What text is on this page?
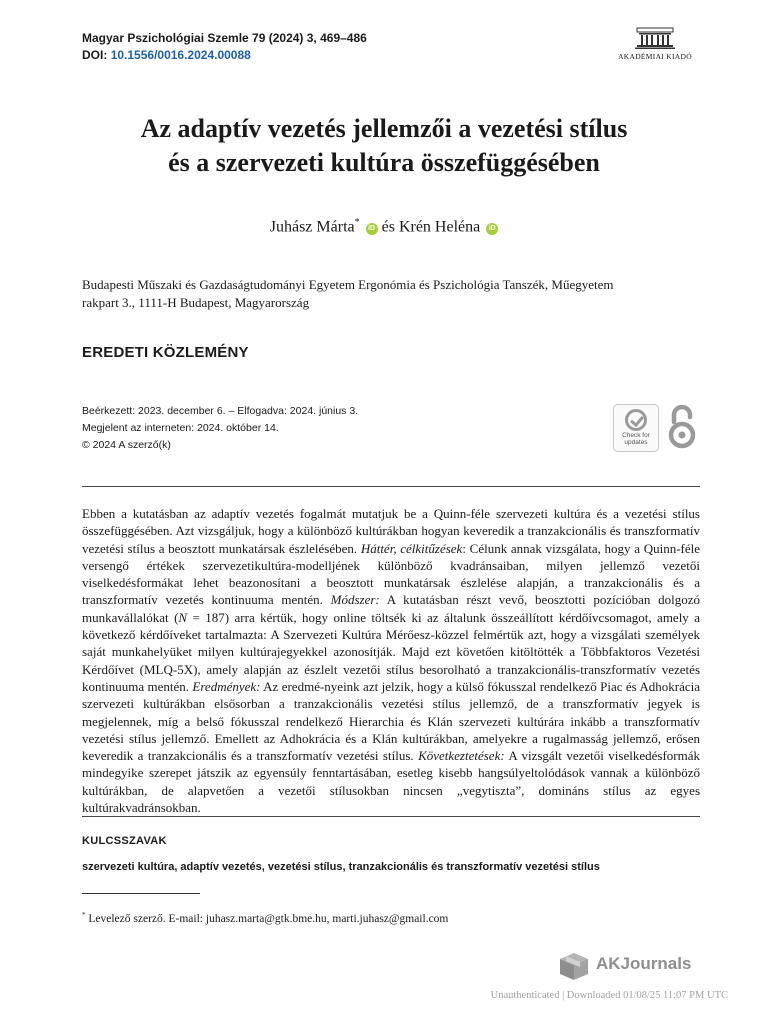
Magyar Pszichológiai Szemle 79 (2024) 3, 469–486
DOI: 10.1556/0016.2024.00088	AKADÉMIAI KIADÓ
Az adaptív vezetés jellemzői a vezetési stílus
és a szervezeti kultúra összefüggésében
Juhász Márta* iD és Krén Heléna iD
Budapesti Műszaki és Gazdaságtudományi Egyetem Ergonómia és Pszichológia Tanszék, Műegyetem
rakpart 3., 1111-H Budapest, Magyarország
EREDETI KÖZLEMÉNY
Beérkezett: 2023. december 6. – Elfogadva: 2024. június 3.
Megjelent az interneten: 2024. október 14.
© 2024 A szerző(k)
Check for
updates
Ebben a kutatásban az adaptív vezetés fogalmát mutatjuk be a Quinn-féle szervezeti kultúra és a vezetési stílus összefüggésében. Azt vizsgáljuk, hogy a különböző kultúrákban hogyan keveredik a tranzakcionális és transzformatív vezetési stílus a beosztott munkatársak észlelésében. Háttér, célkitűzések: Célunk annak vizsgálata, hogy a Quinn-féle versengő értékek szervezetikultúra-modelljének különböző kvadránsaiban, milyen jellemző vezetői viselkedésformákat lehet beazonosítani a beosztott munkatársak észlelése alapján, a tranzakcionális és a transzformatív vezetés kontinuuma mentén. Módszer: A kutatásban részt vevő, beosztotti pozícióban dolgozó munkavállalókat (N = 187) arra kértük, hogy online töltsék ki az általunk összeállított kérdőívcsomagot, amely a következő kérdőíveket tartalmazta: A Szervezeti Kultúra Mérőesz-közzel felmértük azt, hogy a vizsgálati személyek saját munkahelyüket milyen kultúrajegyekkel azonosítják. Majd ezt követően kitöltötték a Többfaktoros Vezetési Kérdőívet (MLQ-5X), amely alapján az észlelt vezetői stílus besorolható a tranzakcionális-transzformatív vezetés kontinuuma mentén. Eredmények: Az eredmé-nyeink azt jelzik, hogy a külső fókusszal rendelkező Piac és Adhokrácia szervezeti kultúrákban elsősorban a tranzakcionális vezetési stílus jellemző, de a transzformatív jegyek is megjelennek, míg a belső fókusszal rendelkező Hierarchia és Klán szervezeti kultúrára inkább a transzformatív vezetési stílus jellemző. Emellett az Adhokrácia és a Klán kultúrákban, amelyekre a rugalmasság jellemző, erősen keveredik a tranzakcionális és a transzformatív vezetési stílus. Következtetések: A vizsgált vezetői viselkedésformák mindegyike szerepet játszik az egyensúly fenntartásában, esetleg kisebb hangsúlyeltolódások vannak a különböző kultúrákban, de alapvetően a vezetői stílusokban nincsen „vegytiszta”, domináns stílus az egyes kultúrakvadránsokban.
KULCSSZAVAK
szervezeti kultúra, adaptív vezetés, vezetési stílus, tranzakcionális és transzformatív vezetési stílus
* Levelező szerző. E-mail: juhasz.marta@gtk.bme.hu, marti.juhasz@gmail.com
AKJournals
Unauthenticated | Downloaded 01/08/25 11:07 PM UTC
